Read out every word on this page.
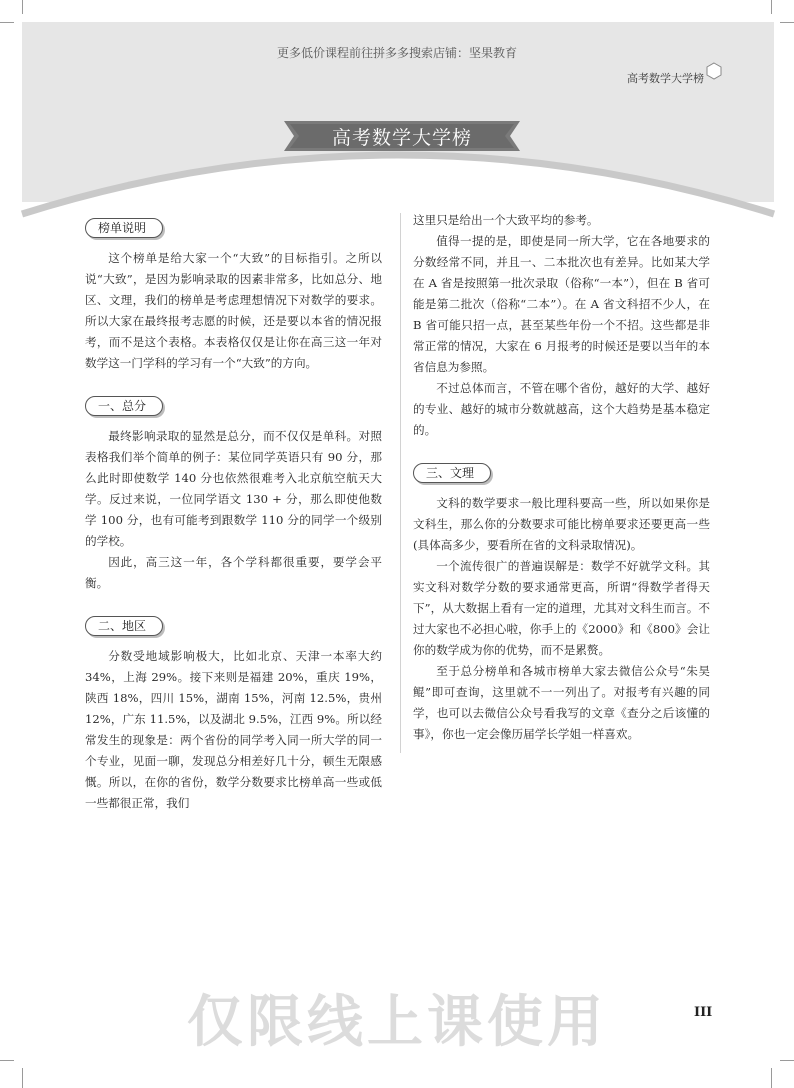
更多低价课程前往拼多多搜索店铺：坚果教育
高考数学大学榜
高考数学大学榜
榜单说明

这个榜单是给大家一个“大致”的目标指引。之所以说“大致”，是因为影响录取的因素非常多，比如总分、地区、文理，我们的榜单是考虑理想情况下对数学的要求。所以大家在最终报考志愿的时候，还是要以本省的情况报考，而不是这个表格。本表格仅仅是让你在高三这一年对数学这一门学科的学习有一个“大致”的方向。

一、总分

最终影响录取的显然是总分，而不仅仅是单科。对照表格我们举个简单的例子：某位同学英语只有 90 分，那么此时即使数学 140 分也依然很难考入北京航空航天大学。反过来说，一位同学语文 130 + 分，那么即使他数学 100 分，也有可能考到跟数学 110 分的同学一个级别的学校。

因此，高三这一年，各个学科都很重要，要学会平衡。

二、地区

分数受地域影响极大，比如北京、天津一本率大约 34%，上海 29%。接下来则是福建 20%，重庆 19%，陕西 18%，四川 15%，湖南 15%，河南 12.5%，贵州 12%，广东 11.5%，以及湖北 9.5%，江西 9%。所以经常发生的现象是：两个省份的同学考入同一所大学的同一个专业，见面一聊，发现总分相差好几十分，顿生无限感慨。所以，在你的省份，数学分数要求比榜单高一些或低一些都很正常，我们

这里只是给出一个大致平均的参考。

值得一提的是，即使是同一所大学，它在各地要求的分数经常不同，并且一、二本批次也有差异。比如某大学在 A 省是按照第一批次录取（俗称“一本”），但在 B 省可能是第二批次（俗称“二本”）。在 A 省文科招不少人，在 B 省可能只招一点，甚至某些年份一个不招。这些都是非常正常的情况，大家在 6 月报考的时候还是要以当年的本省信息为参照。

不过总体而言，不管在哪个省份，越好的大学、越好的专业、越好的城市分数就越高，这个大趋势是基本稳定的。

三、文理

文科的数学要求一般比理科要高一些，所以如果你是文科生，那么你的分数要求可能比榜单要求还要更高一些(具体高多少，要看所在省的文科录取情况)。

一个流传很广的普遍误解是：数学不好就学文科。其实文科对数学分数的要求通常更高，所谓“得数学者得天下”，从大数据上看有一定的道理，尤其对文科生而言。不过大家也不必担心啦，你手上的《2000》和《800》会让你的数学成为你的优势，而不是累赘。

至于总分榜单和各城市榜单大家去微信公众号“朱昊鲲”即可查询，这里就不一一列出了。对报考有兴趣的同学，也可以去微信公众号看我写的文章《查分之后该懂的事》，你也一定会像历届学长学姐一样喜欢。

仅限线上课使用	III
